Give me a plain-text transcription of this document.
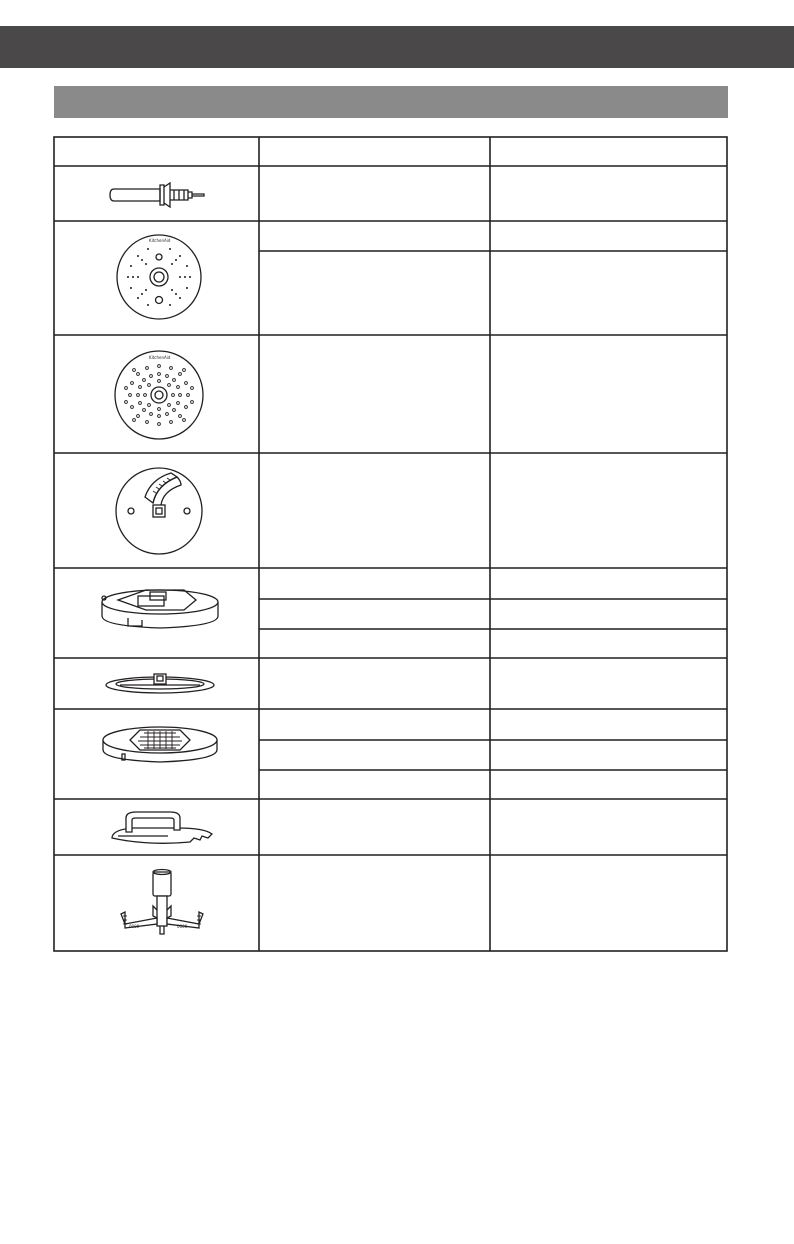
KitchenAid
KitchenAid
0000	0000
